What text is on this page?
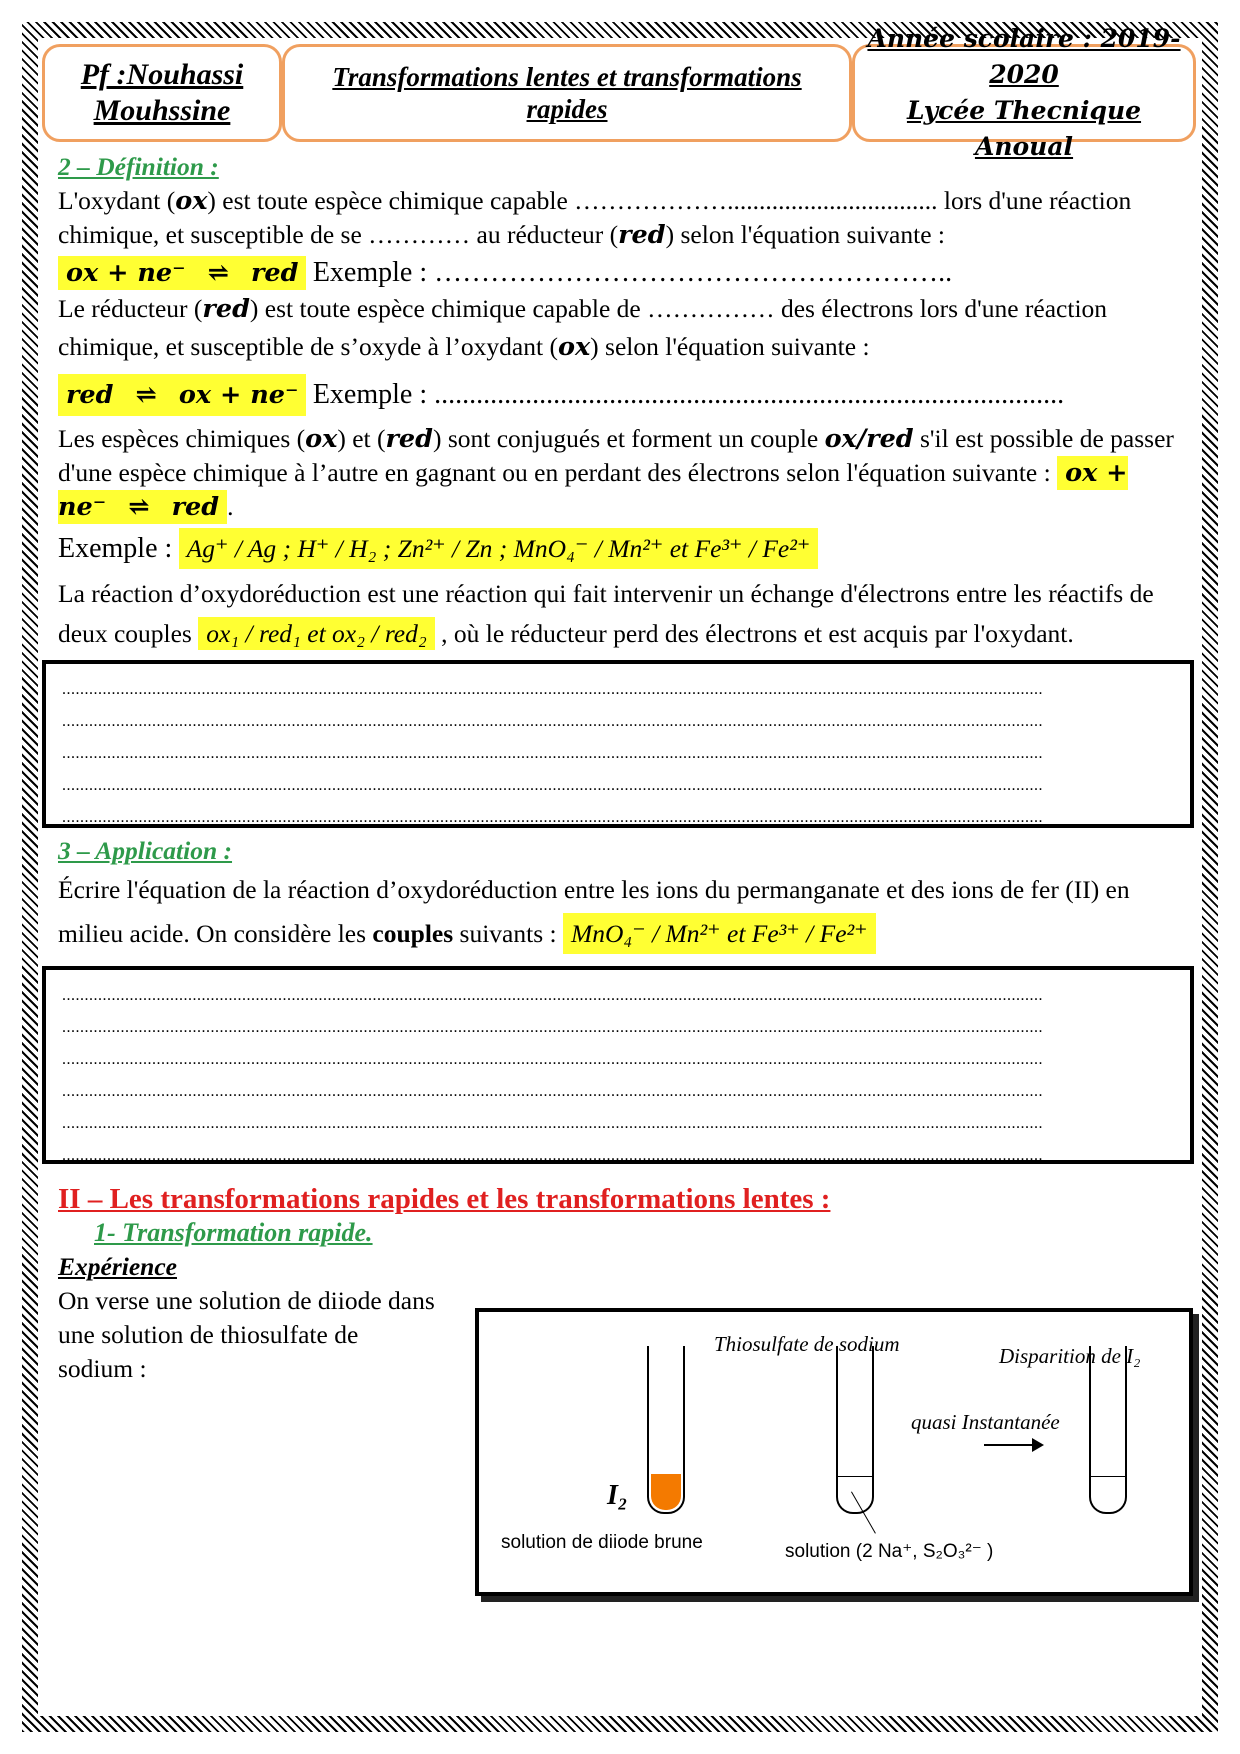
Pf :Nouhassi
Mouhssine
Transformations lentes et transformations
rapides
Année scolaire : 2019-2020
Lycée Thecnique Anoual
2 – Définition :

L'oxydant (ox) est toute espèce chimique capable ………………................................. lors d'une réaction chimique, et susceptible de se ………… au réducteur (red) selon l'équation suivante :

ox + ne⁻ ⇌ red Exemple : ………………………………………………..

Le réducteur (red) est toute espèce chimique capable de …………… des électrons lors d'une réaction chimique, et susceptible de s’oxyde à l’oxydant (ox) selon l'équation suivante :

red ⇌ ox + ne⁻ Exemple : ..........................................................................................

Les espèces chimiques (ox) et (red) sont conjugués et forment un couple ox/red s'il est possible de passer d'une espèce chimique à l’autre en gagnant ou en perdant des électrons selon l'équation suivante : ox + ne⁻ ⇌ red .

Exemple : Ag⁺ / Ag ; H⁺ / H₂ ; Zn²⁺ / Zn ; MnO₄⁻ / Mn²⁺ et Fe³⁺ / Fe²⁺

La réaction d’oxydoréduction est une réaction qui fait intervenir un échange d'électrons entre les réactifs de deux couples ox₁ / red₁ et ox₂ / red₂ , où le réducteur perd des électrons et est acquis par l'oxydant.

..........................................................................................................................................................................................................................
..........................................................................................................................................................................................................................
..........................................................................................................................................................................................................................
..........................................................................................................................................................................................................................
..........................................................................................................................................................................................................................
3 – Application :

Écrire l'équation de la réaction d’oxydoréduction entre les ions du permanganate et des ions de fer (II) en milieu acide. On considère les couples suivants : MnO₄⁻ / Mn²⁺ et Fe³⁺ / Fe²⁺

..........................................................................................................................................................................................................................
..........................................................................................................................................................................................................................
..........................................................................................................................................................................................................................
..........................................................................................................................................................................................................................
..........................................................................................................................................................................................................................
..........................................................................................................................................................................................................................
II – Les transformations rapides et les transformations lentes :
1- Transformation rapide.
Expérience
On verse une solution de diiode dans une solution de thiosulfate de sodium :
Thiosulfate de sodium	Disparition de I₂
quasi Instantanée
I₂
solution de diiode brune	solution (2 Na⁺, S₂O₃²⁻ )
